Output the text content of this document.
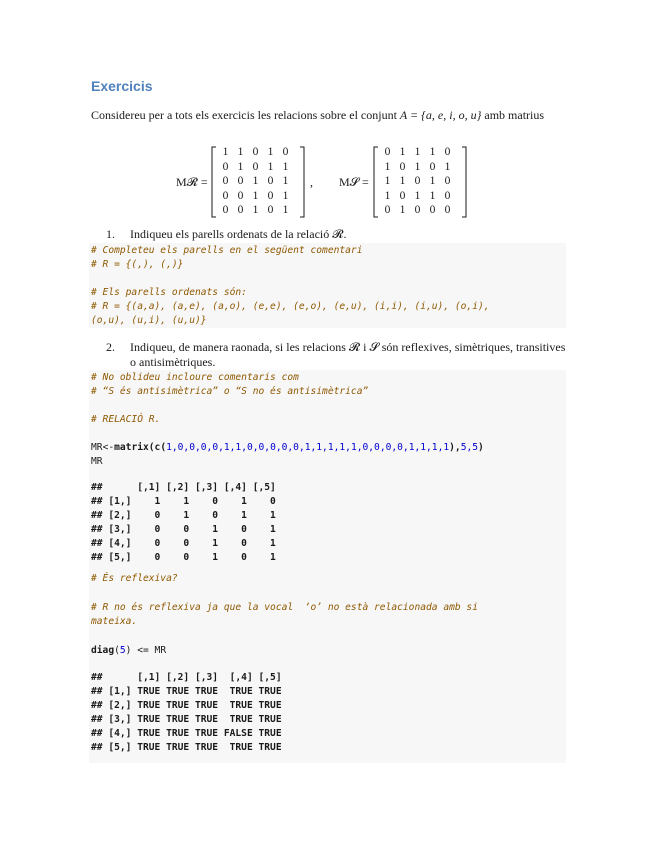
Exercicis
Considereu per a tots els exercicis les relacions sobre el conjunt A = {a, e, i, o, u} amb matrius
M𝓡 =
1 1 0 1 0
0 1 0 1 1
0 0 1 0 1
0 0 1 0 1
0 0 1 0 1
, M𝓢 =
0 1 1 1 0
1 0 1 0 1
1 1 0 1 0
1 0 1 1 0
0 1 0 0 0
1. Indiqueu els parells ordenats de la relació 𝓡.
# Completeu els parells en el següent comentari
# R = {(,), (,)}
# Els parells ordenats són:
# R = {(a,a), (a,e), (a,o), (e,e), (e,o), (e,u), (i,i), (i,u), (o,i),
(o,u), (u,i), (u,u)}
2. Indiqueu, de manera raonada, si les relacions 𝓡 i 𝓢 són reflexives, simètriques, transitives o antisimètriques.
# No oblideu incloure comentaris com
# “S és antisimètrica” o “S no és antisimètrica”
# RELACIÓ R.
MR<-matrix(c(1,0,0,0,0,1,1,0,0,0,0,0,1,1,1,1,1,0,0,0,0,1,1,1,1),5,5)
MR
##      [,1] [,2] [,3] [,4] [,5]
## [1,]    1    1    0    1    0
## [2,]    0    1    0    1    1
## [3,]    0    0    1    0    1
## [4,]    0    0    1    0    1
## [5,]    0    0    1    0    1
# És reflexiva?
# R no és reflexiva ja que la vocal  ‘o’ no està relacionada amb si
mateixa.
diag(5) <= MR
##      [,1] [,2] [,3]  [,4] [,5]
## [1,] TRUE TRUE TRUE  TRUE TRUE
## [2,] TRUE TRUE TRUE  TRUE TRUE
## [3,] TRUE TRUE TRUE  TRUE TRUE
## [4,] TRUE TRUE TRUE FALSE TRUE
## [5,] TRUE TRUE TRUE  TRUE TRUE
